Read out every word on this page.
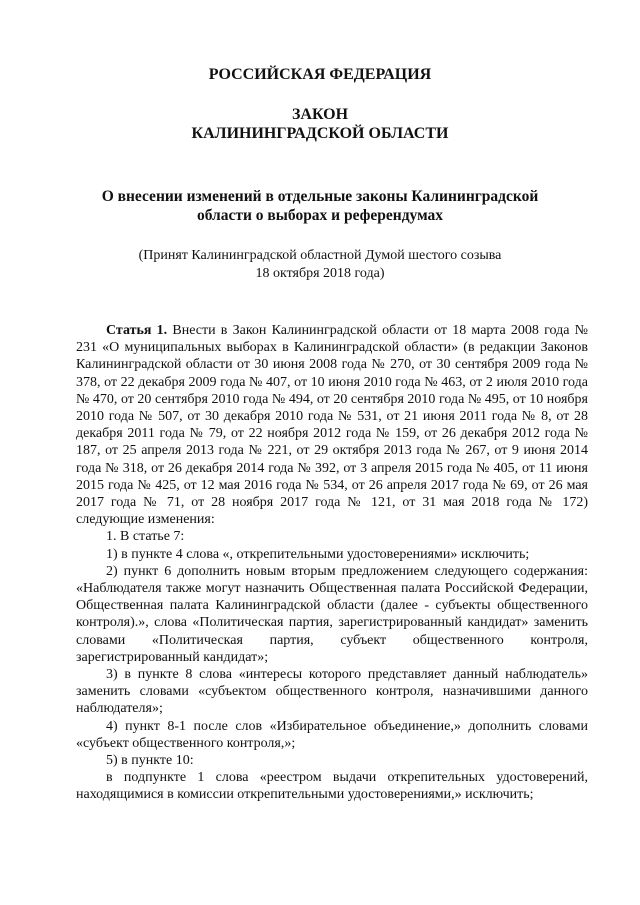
РОССИЙСКАЯ ФЕДЕРАЦИЯ

ЗАКОН

КАЛИНИНГРАДСКОЙ ОБЛАСТИ

О внесении изменений в отдельные законы Калининградской

области о выборах и референдумах

(Принят Калининградской областной Думой шестого созыва
18 октября 2018 года)

Статья 1. Внести в Закон Калининградской области от 18 марта 2008 года № 231 «О муниципальных выборах в Калининградской области» (в редакции Законов Калининградской области от 30 июня 2008 года № 270, от 30 сентября 2009 года № 378, от 22 декабря 2009 года № 407, от 10 июня 2010 года № 463, от 2 июля 2010 года № 470, от 20 сентября 2010 года № 494, от 20 сентября 2010 года № 495, от 10 ноября 2010 года № 507, от 30 декабря 2010 года № 531, от 21 июня 2011 года № 8, от 28 декабря 2011 года № 79, от 22 ноября 2012 года № 159, от 26 декабря 2012 года № 187, от 25 апреля 2013 года № 221, от 29 октября 2013 года № 267, от 9 июня 2014 года № 318, от 26 декабря 2014 года № 392, от 3 апреля 2015 года № 405, от 11 июня 2015 года № 425, от 12 мая 2016 года № 534, от 26 апреля 2017 года № 69, от 26 мая 2017 года № 71, от 28 ноября 2017 года № 121, от 31 мая 2018 года № 172) следующие изменения:

1. В статье 7:

1) в пункте 4 слова «, открепительными удостоверениями» исключить;

2) пункт 6 дополнить новым вторым предложением следующего содержания: «Наблюдателя также могут назначить Общественная палата Российской Федерации, Общественная палата Калининградской области (далее - субъекты общественного контроля).», слова «Политическая партия, зарегистрированный кандидат» заменить словами «Политическая партия, субъект общественного контроля, зарегистрированный кандидат»;

3) в пункте 8 слова «интересы которого представляет данный наблюдатель» заменить словами «субъектом общественного контроля, назначившими данного наблюдателя»;

4) пункт 8-1 после слов «Избирательное объединение,» дополнить словами «субъект общественного контроля,»;

5) в пункте 10:

в подпункте 1 слова «реестром выдачи открепительных удостоверений, находящимися в комиссии открепительными удостоверениями,» исключить;
